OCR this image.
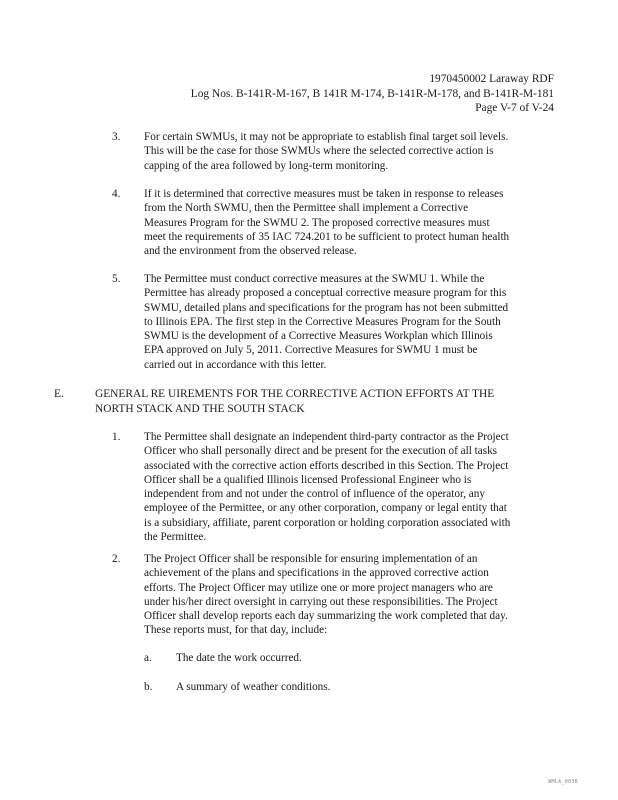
1970450002 Laraway RDF
Log Nos. B-141R-M-167, B 141R M-174, B-141R-M-178, and B-141R-M-181
Page V-7 of V-24
3.	For certain SWMUs, it may not be appropriate to establish final target soil levels.
This will be the case for those SWMUs where the selected corrective action is
capping of the area followed by long-term monitoring.
4.	If it is determined that corrective measures must be taken in response to releases
from the North SWMU, then the Permittee shall implement a Corrective
Measures Program for the SWMU 2. The proposed corrective measures must
meet the requirements of 35 IAC 724.201 to be sufficient to protect human health
and the environment from the observed release.
5.	The Permittee must conduct corrective measures at the SWMU 1. While the
Permittee has already proposed a conceptual corrective measure program for this
SWMU, detailed plans and specifications for the program has not been submitted
to Illinois EPA. The first step in the Corrective Measures Program for the South
SWMU is the development of a Corrective Measures Workplan which Illinois
EPA approved on July 5, 2011. Corrective Measures for SWMU 1 must be
carried out in accordance with this letter.
E.	GENERAL RE UIREMENTS FOR THE CORRECTIVE ACTION EFFORTS AT THE
NORTH STACK AND THE SOUTH STACK
1.	The Permittee shall designate an independent third-party contractor as the Project
Officer who shall personally direct and be present for the execution of all tasks
associated with the corrective action efforts described in this Section. The Project
Officer shall be a qualified Illinois licensed Professional Engineer who is
independent from and not under the control of influence of the operator, any
employee of the Permittee, or any other corporation, company or legal entity that
is a subsidiary, affiliate, parent corporation or holding corporation associated with
the Permittee.
2.	The Project Officer shall be responsible for ensuring implementation of an
achievement of the plans and specifications in the approved corrective action
efforts. The Project Officer may utilize one or more project managers who are
under his/her direct oversight in carrying out these responsibilities. The Project
Officer shall develop reports each day summarizing the work completed that day.
These reports must, for that day, include:
a. The date the work occurred.
b. A summary of weather conditions.
WMLA_0038
